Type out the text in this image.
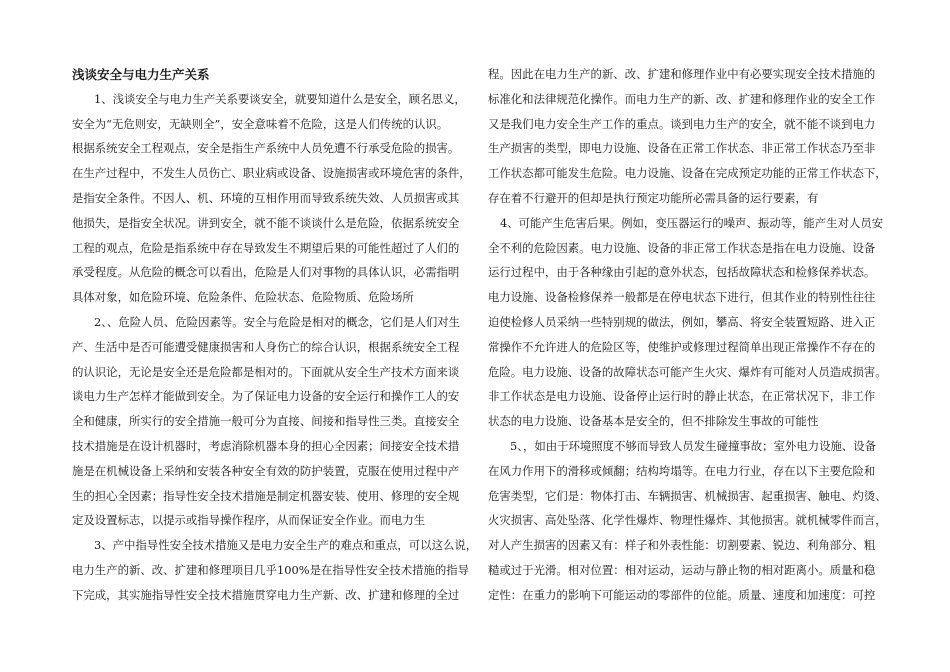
浅谈安全与电力生产关系
1、浅谈安全与电力生产关系要谈安全，就要知道什么是安全，顾名思义，
安全为“无危则安，无缺则全”，安全意味着不危险，这是人们传统的认识。
根据系统安全工程观点，安全是指生产系统中人员免遭不行承受危险的损害。
在生产过程中，不发生人员伤亡、职业病或设备、设施损害或环境危害的条件，
是指安全条件。不因人、机、环境的互相作用而导致系统失效、人员损害或其
他损失，是指安全状况。讲到安全，就不能不谈谈什么是危险，依据系统安全
工程的观点，危险是指系统中存在导致发生不期望后果的可能性超过了人们的
承受程度。从危险的概念可以看出，危险是人们对事物的具体认识，必需指明
具体对象，如危险环境、危险条件、危险状态、危险物质、危险场所
2、、危险人员、危险因素等。安全与危险是相对的概念，它们是人们对生
产、生活中是否可能遭受健康损害和人身伤亡的综合认识，根据系统安全工程
的认识论，无论是安全还是危险都是相对的。下面就从安全生产技术方面来谈
谈电力生产怎样才能做到安全。为了保证电力设备的安全运行和操作工人的安
全和健康，所实行的安全措施一般可分为直接、间接和指导性三类。直接安全
技术措施是在设计机器时，考虑消除机器本身的担心全因素；间接安全技术措
施是在机械设备上采纳和安装各种安全有效的防护装置，克服在使用过程中产
生的担心全因素；指导性安全技术措施是制定机器安装、使用、修理的安全规
定及设置标志，以提示或指导操作程序，从而保证安全作业。而电力生
3、产中指导性安全技术措施又是电力安全生产的难点和重点，可以这么说，
电力生产的新、改、扩建和修理项目几乎100%是在指导性安全技术措施的指导
下完成，其实施指导性安全技术措施贯穿电力生产新、改、扩建和修理的全过
程。因此在电力生产的新、改、扩建和修理作业中有必要实现安全技术措施的
标准化和法律规范化操作。而电力生产的新、改、扩建和修理作业的安全工作
又是我们电力安全生产工作的重点。谈到电力生产的安全，就不能不谈到电力
生产损害的类型，即电力设施、设备在正常工作状态、非正常工作状态乃至非
工作状态都可能发生危险。电力设施、设备在完成预定功能的正常工作状态下，
存在着不行避开的但却是执行预定功能所必需具备的运行要素，有
4、可能产生危害后果。例如，变压器运行的噪声、振动等，能产生对人员安
全不利的危险因素。电力设施、设备的非正常工作状态是指在电力设施、设备
运行过程中，由于各种缘由引起的意外状态，包括故障状态和检修保养状态。
电力设施、设备检修保养一般都是在停电状态下进行，但其作业的特别性往往
迫使检修人员采纳一些特别规的做法，例如，攀高、将安全装置短路、进入正
常操作不允许进人的危险区等，使维护或修理过程简单出现正常操作不存在的
危险。电力设施、设备的故障状态可能产生火灾、爆炸有可能对人员造成损害。
非工作状态是电力设施、设备停止运行时的静止状态，在正常状况下，非工作
状态的电力设施、设备基本是安全的，但不排除发生事故的可能性
5、，如由于环境照度不够而导致人员发生碰撞事故；室外电力设施、设备
在风力作用下的滑移或倾翻；结构垮塌等。在电力行业，存在以下主要危险和
危害类型，它们是：物体打击、车辆损害、机械损害、起重损害、触电、灼烫、
火灾损害、高处坠落、化学性爆炸、物理性爆炸、其他损害。就机械零件而言，
对人产生损害的因素又有：样子和外表性能：切割要素、锐边、利角部分、粗
糙或过于光滑。相对位置：相对运动，运动与静止物的相对距离小。质量和稳
定性：在重力的影响下可能运动的零部件的位能。质量、速度和加速度：可控
